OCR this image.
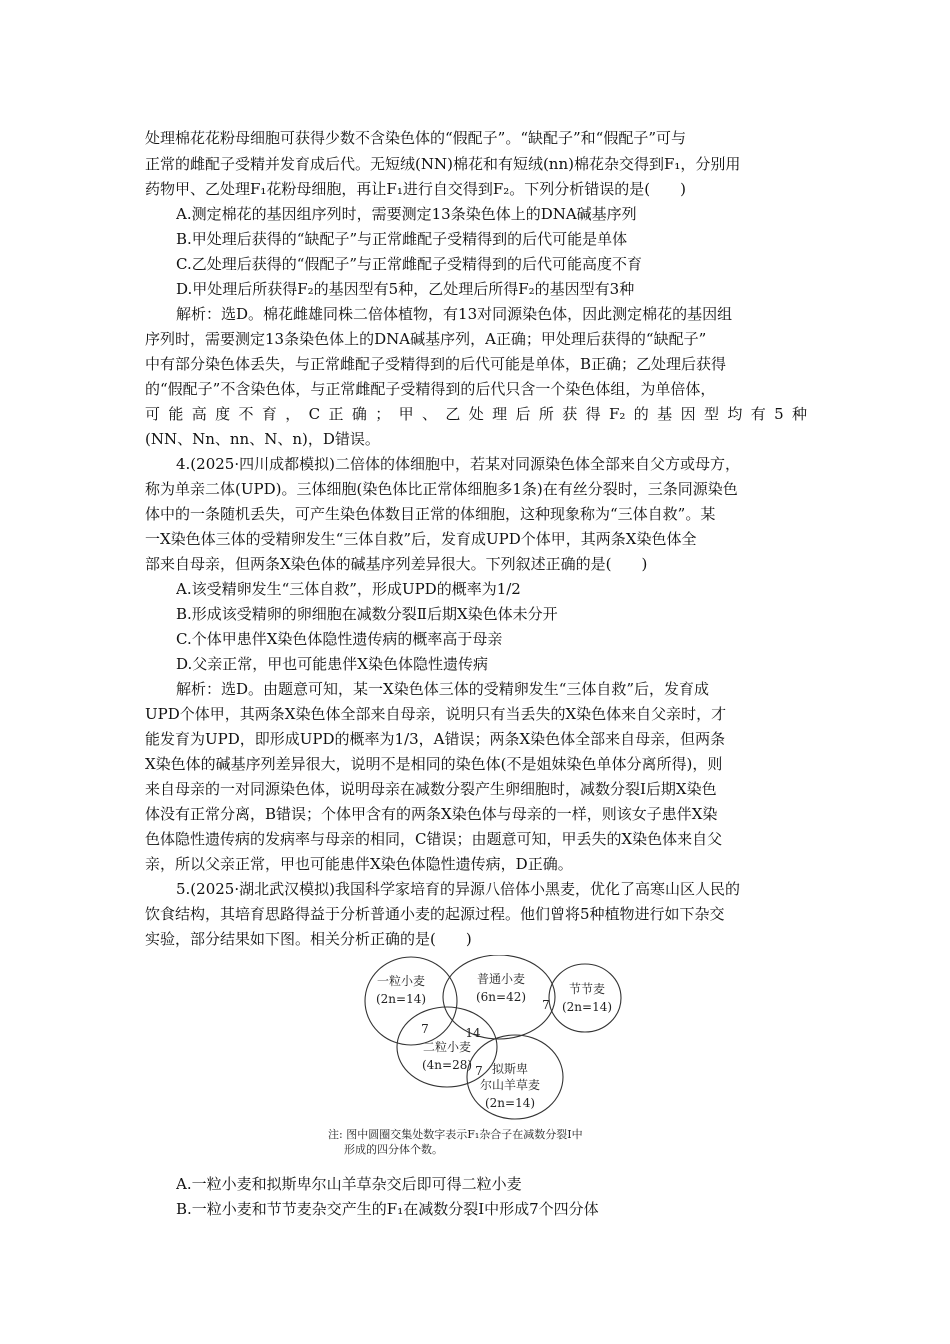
处理棉花花粉母细胞可获得少数不含染色体的“假配子”。“缺配子”和“假配子”可与
正常的雌配子受精并发育成后代。无短绒(NN)棉花和有短绒(nn)棉花杂交得到F₁，分别用
药物甲、乙处理F₁花粉母细胞，再让F₁进行自交得到F₂。下列分析错误的是(　　)
A.测定棉花的基因组序列时，需要测定13条染色体上的DNA碱基序列
B.甲处理后获得的“缺配子”与正常雌配子受精得到的后代可能是单体
C.乙处理后获得的“假配子”与正常雌配子受精得到的后代可能高度不育
D.甲处理后所获得F₂的基因型有5种，乙处理后所得F₂的基因型有3种
解析：选D。棉花雌雄同株二倍体植物，有13对同源染色体，因此测定棉花的基因组
序列时，需要测定13条染色体上的DNA碱基序列，A正确；甲处理后获得的“缺配子”
中有部分染色体丢失，与正常雌配子受精得到的后代可能是单体，B正确；乙处理后获得
的“假配子”不含染色体，与正常雌配子受精得到的后代只含一个染色体组，为单倍体，
可能高度不育，C正确；甲、乙处理后所获得F₂的基因型均有5种
(NN、Nn、nn、N、n)，D错误。
4.(2025·四川成都模拟)二倍体的体细胞中，若某对同源染色体全部来自父方或母方，
称为单亲二体(UPD)。三体细胞(染色体比正常体细胞多1条)在有丝分裂时，三条同源染色
体中的一条随机丢失，可产生染色体数目正常的体细胞，这种现象称为“三体自救”。某
一X染色体三体的受精卵发生“三体自救”后，发育成UPD个体甲，其两条X染色体全
部来自母亲，但两条X染色体的碱基序列差异很大。下列叙述正确的是(　　)
A.该受精卵发生“三体自救”，形成UPD的概率为1/2
B.形成该受精卵的卵细胞在减数分裂Ⅱ后期X染色体未分开
C.个体甲患伴X染色体隐性遗传病的概率高于母亲
D.父亲正常，甲也可能患伴X染色体隐性遗传病
解析：选D。由题意可知，某一X染色体三体的受精卵发生“三体自救”后，发育成
UPD个体甲，其两条X染色体全部来自母亲，说明只有当丢失的X染色体来自父亲时，才
能发育为UPD，即形成UPD的概率为1/3，A错误；两条X染色体全部来自母亲，但两条
X染色体的碱基序列差异很大，说明不是相同的染色体(不是姐妹染色单体分离所得)，则
来自母亲的一对同源染色体，说明母亲在减数分裂产生卵细胞时，减数分裂Ⅰ后期X染色
体没有正常分离，B错误；个体甲含有的两条X染色体与母亲的一样，则该女子患伴X染
色体隐性遗传病的发病率与母亲的相同，C错误；由题意可知，甲丢失的X染色体来自父
亲，所以父亲正常，甲也可能患伴X染色体隐性遗传病，D正确。
5.(2025·湖北武汉模拟)我国科学家培育的异源八倍体小黑麦，优化了高寒山区人民的
饮食结构，其培育思路得益于分析普通小麦的起源过程。他们曾将5种植物进行如下杂交
实验，部分结果如下图。相关分析正确的是(　　)
一粒小麦
(2n=14)
普通小麦
(6n=42)
节节麦
(2n=14)
二粒小麦
(4n=28) 拟斯卑
尔山羊草麦
(2n=14)
7	14
7
7
注: 图中圆圈交集处数字表示F₁杂合子在减数分裂Ⅰ中
形成的四分体个数。
A.一粒小麦和拟斯卑尔山羊草杂交后即可得二粒小麦
B.一粒小麦和节节麦杂交产生的F₁在减数分裂Ⅰ中形成7个四分体
